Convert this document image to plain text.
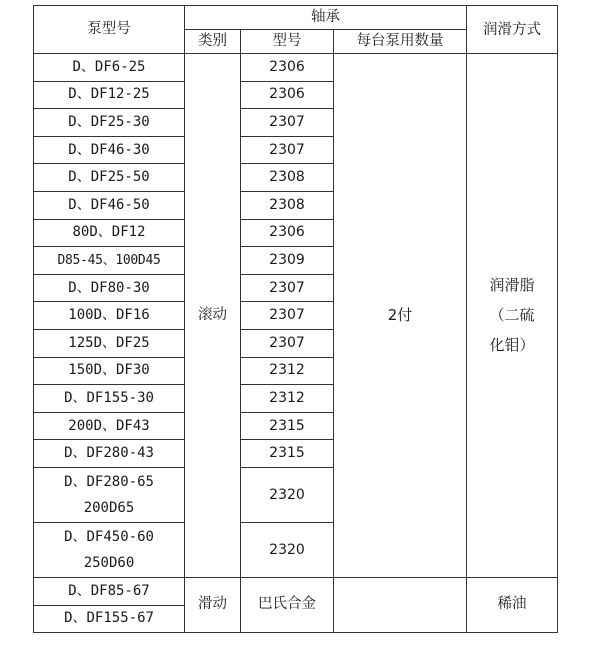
泵型号	轴承			润滑方式

	类别	型号	每台泵用数量	
D、DF6-25	滚动	2306	2付	润滑脂
（二硫
化钼）

D、DF12-25		2306		
D、DF25-30		2307		
D、DF46-30		2307		
D、DF25-50		2308		
D、DF46-50		2308		
80D、DF12		2306		
D85-45、100D45		2309		
D、DF80-30		2307		
100D、DF16		2307		
125D、DF25		2307		
150D、DF30		2312		
D、DF155-30		2312		
200D、DF43		2315		
D、DF280-43		2315		

D、DF280-65
200D65		2320		

D、DF450-60
250D60		2320		
D、DF85-67	滑动	巴氏合金		稀油
D、DF155-67				
